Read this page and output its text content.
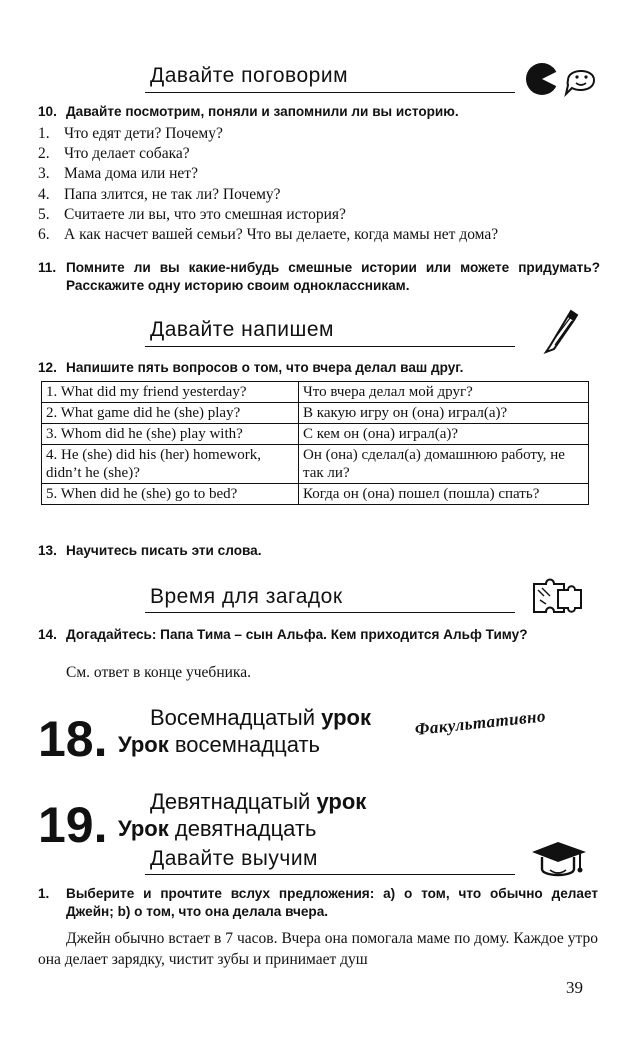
Давайте поговорим
10. Давайте посмотрим, поняли и запомнили ли вы историю.
1. Что едят дети? Почему?
2. Что делает собака?
3. Мама дома или нет?
4. Папа злится, не так ли? Почему?
5. Считаете ли вы, что это смешная история?
6. А как насчет вашей семьи? Что вы делаете, когда мамы нет дома?
11. Помните ли вы какие-нибудь смешные истории или можете придумать? Расскажите одну историю своим одноклассникам.
Давайте напишем
12. Напишите пять вопросов о том, что вчера делал ваш друг.
1. What did my friend yesterday?	Что вчера делал мой друг?
2. What game did he (she) play?	В какую игру он (она) играл(а)?
3. Whom did he (she) play with?	С кем он (она) играл(а)?
4. He (she) did his (her) homework, didn’t he (she)?	Он (она) сделал(а) домашнюю работу, не так ли?
5. When did he (she) go to bed?	Когда он (она) пошел (пошла) спать?
13. Научитесь писать эти слова.
Время для загадок
14. Догадайтесь: Папа Тима – сын Альфа. Кем приходится Альф Тиму?
См. ответ в конце учебника.
18. Восемнадцатый урок
Урок восемнадцать
Факультативно
19. Девятнадцатый урок
Урок девятнадцать
Давайте выучим
1.	Выберите и прочтите вслух предложения: a) о том, что обычно делает Джейн; b) о том, что она делала вчера.
Джейн обычно встает в 7 часов. Вчера она помогала маме по дому. Каждое утро она делает зарядку, чистит зубы и принимает душ
39
